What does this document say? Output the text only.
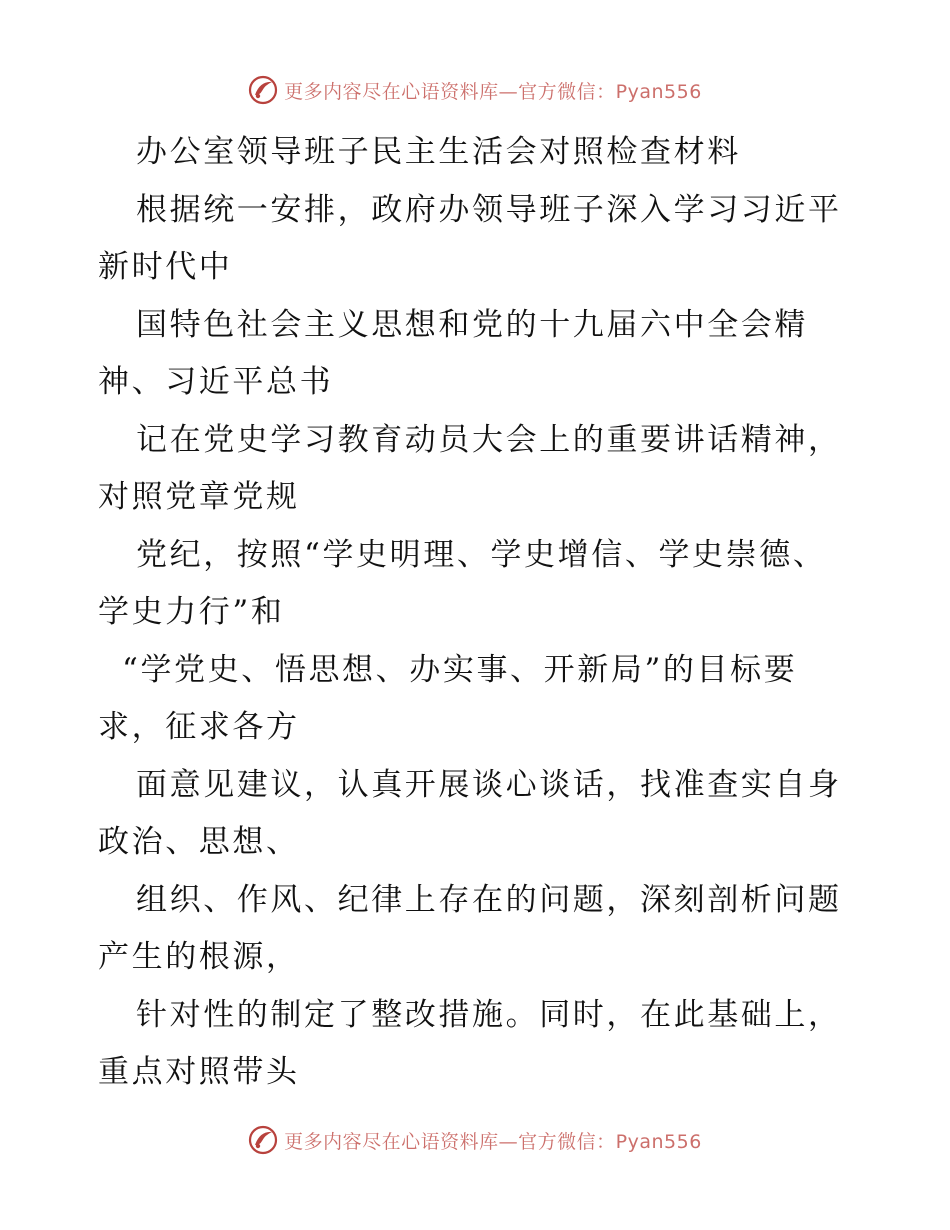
更多内容尽在心语资料库—官方微信：Pyan556
办公室领导班子民主生活会对照检查材料
根据统一安排，政府办领导班子深入学习习近平
新时代中
国特色社会主义思想和党的十九届六中全会精
神、习近平总书
记在党史学习教育动员大会上的重要讲话精神，
对照党章党规
党纪，按照“学史明理、学史增信、学史崇德、
学史力行”和
“学党史、悟思想、办实事、开新局”的目标要
求，征求各方
面意见建议，认真开展谈心谈话，找准查实自身
政治、思想、
组织、作风、纪律上存在的问题，深刻剖析问题
产生的根源，
针对性的制定了整改措施。同时，在此基础上，
重点对照带头
更多内容尽在心语资料库—官方微信：Pyan556
